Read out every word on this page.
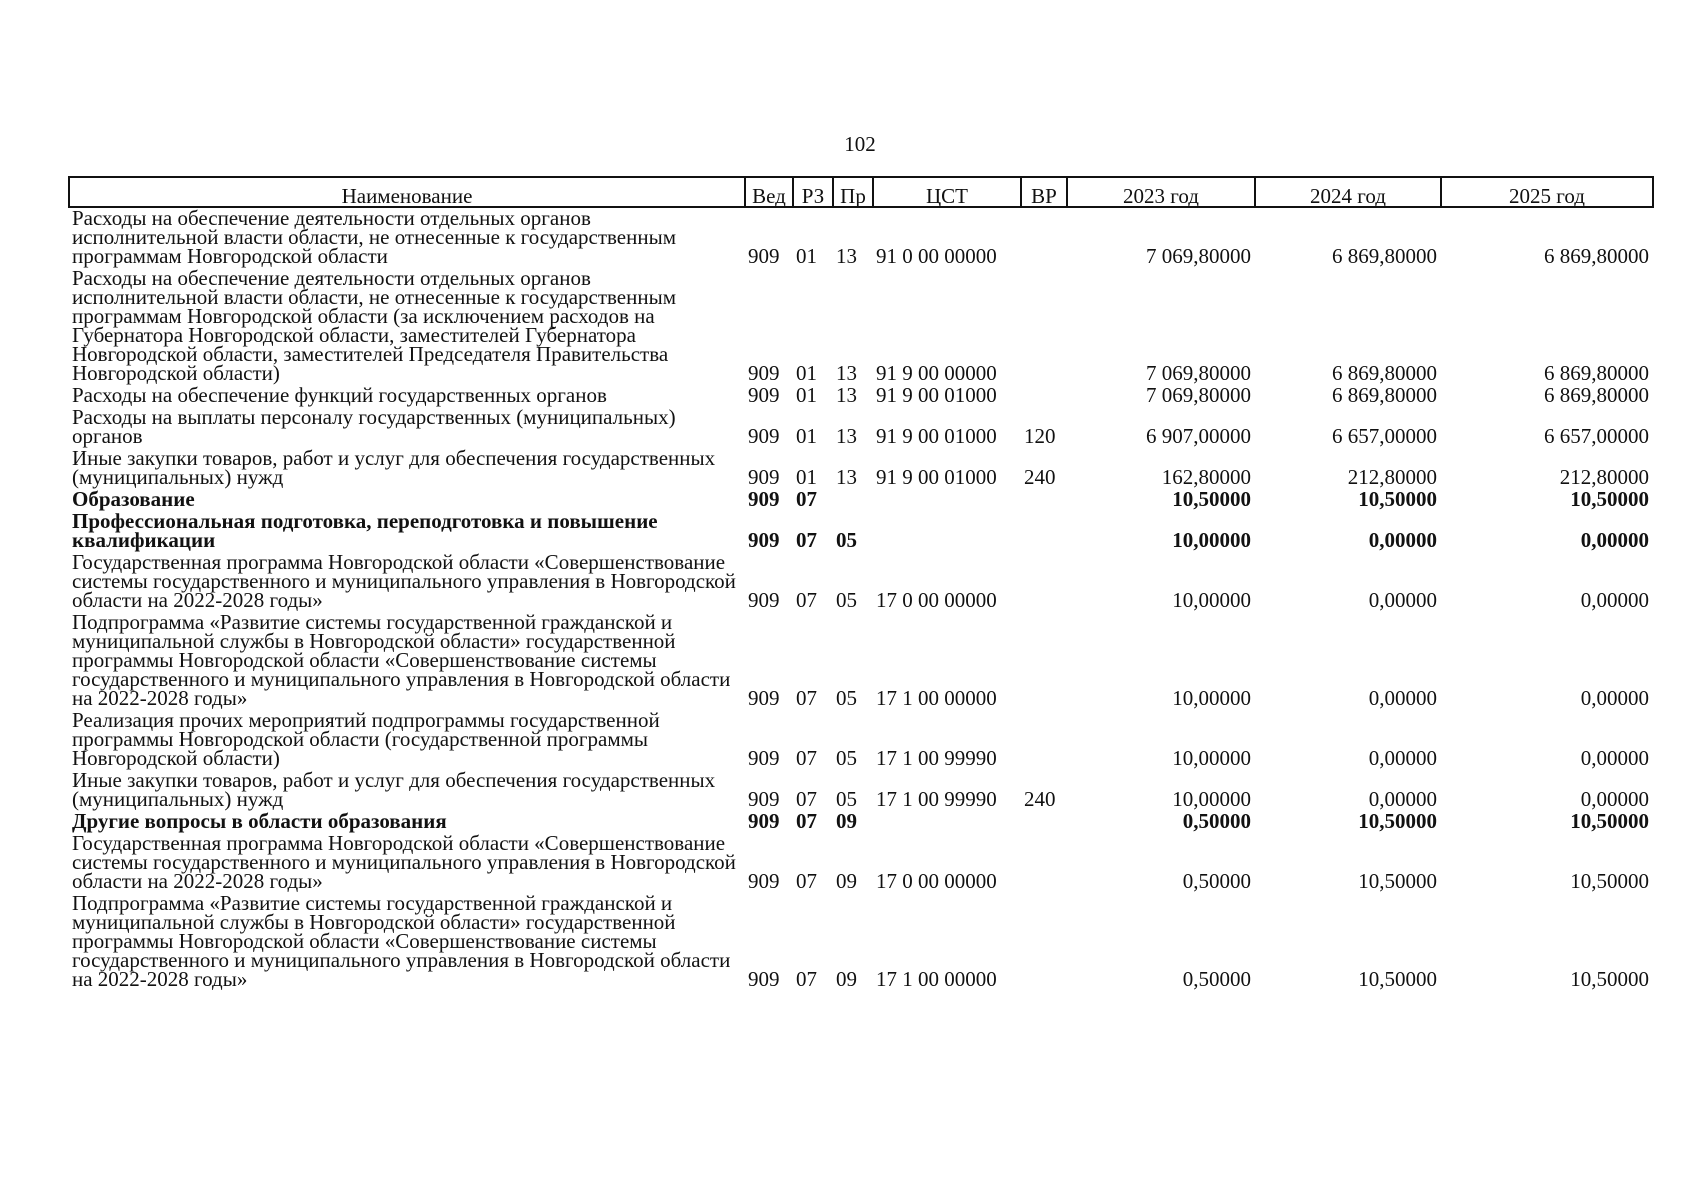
102
Наименование	Вед	РЗ	Пр	ЦСТ	ВР	2023 год	2024 год	2025 год
Расходы на обеспечение деятельности отдельных органов исполнительной власти области, не отнесенные к государственным программам Новгородской области	909	01	13	91 0 00 00000		7 069,80000	6 869,80000	6 869,80000
Расходы на обеспечение деятельности отдельных органов исполнительной власти области, не отнесенные к государственным программам Новгородской области (за исключением расходов на Губернатора Новгородской области, заместителей Губернатора Новгородской области, заместителей Председателя Правительства Новгородской области)	909	01	13	91 9 00 00000		7 069,80000	6 869,80000	6 869,80000
Расходы на обеспечение функций государственных органов	909	01	13	91 9 00 01000		7 069,80000	6 869,80000	6 869,80000
Расходы на выплаты персоналу государственных (муниципальных) органов	909	01	13	91 9 00 01000	120	6 907,00000	6 657,00000	6 657,00000
Иные закупки товаров, работ и услуг для обеспечения государственных (муниципальных) нужд	909	01	13	91 9 00 01000	240	162,80000	212,80000	212,80000
Образование	909	07				10,50000	10,50000	10,50000
Профессиональная подготовка, переподготовка и повышение квалификации	909	07	05			10,00000	0,00000	0,00000
Государственная программа Новгородской области «Совершенствование системы государственного и муниципального управления в Новгородской области на 2022-2028 годы»	909	07	05	17 0 00 00000		10,00000	0,00000	0,00000
Подпрограмма «Развитие системы государственной гражданской и муниципальной службы в Новгородской области» государственной программы Новгородской области «Совершенствование системы государственного и муниципального управления в Новгородской области на 2022-2028 годы»	909	07	05	17 1 00 00000		10,00000	0,00000	0,00000
Реализация прочих мероприятий подпрограммы государственной программы Новгородской области (государственной программы Новгородской области)	909	07	05	17 1 00 99990		10,00000	0,00000	0,00000
Иные закупки товаров, работ и услуг для обеспечения государственных (муниципальных) нужд	909	07	05	17 1 00 99990	240	10,00000	0,00000	0,00000
Другие вопросы в области образования	909	07	09			0,50000	10,50000	10,50000
Государственная программа Новгородской области «Совершенствование системы государственного и муниципального управления в Новгородской области на 2022-2028 годы»	909	07	09	17 0 00 00000		0,50000	10,50000	10,50000
Подпрограмма «Развитие системы государственной гражданской и муниципальной службы в Новгородской области» государственной программы Новгородской области «Совершенствование системы государственного и муниципального управления в Новгородской области на 2022-2028 годы»	909	07	09	17 1 00 00000		0,50000	10,50000	10,50000
